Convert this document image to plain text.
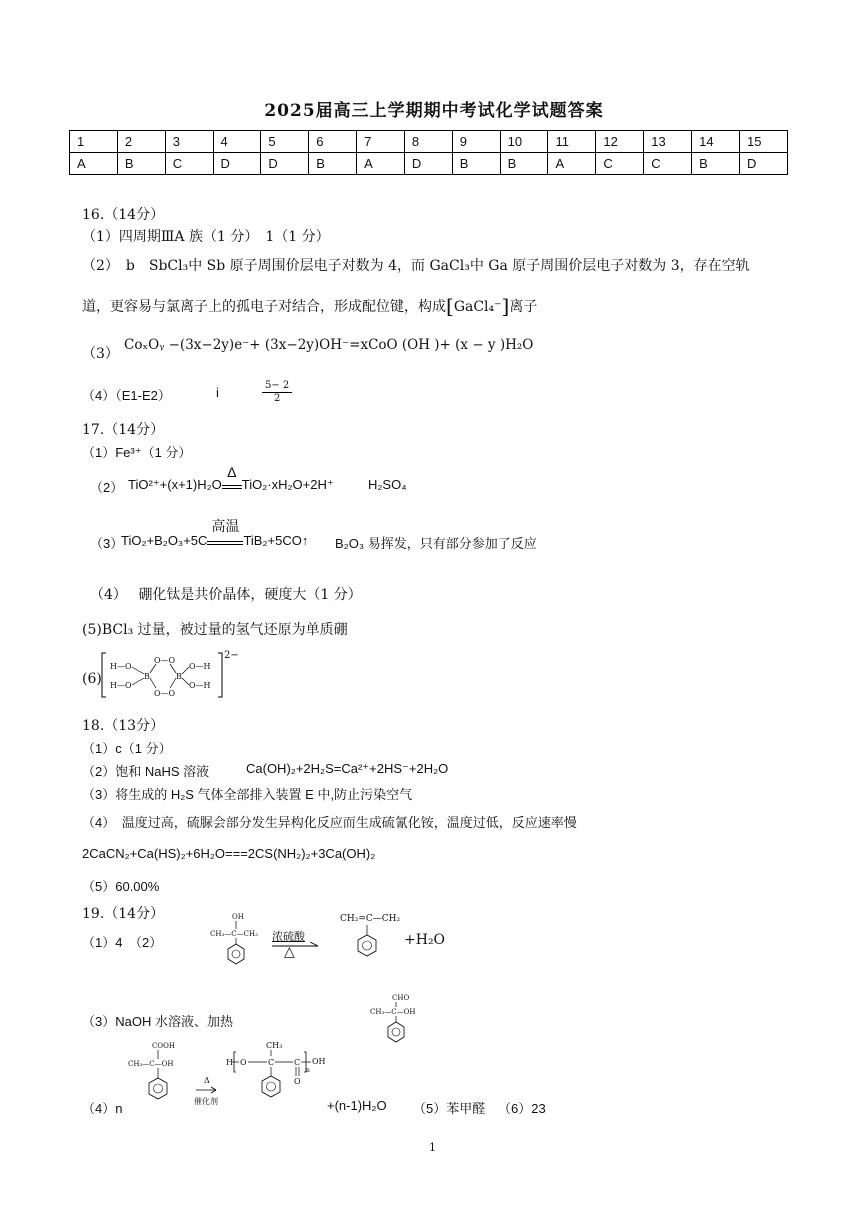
2025届高三上学期期中考试化学试题答案
1	2	3	4	5	6	7	8	9	10	11	12	13	14	15
A	B	C	D	D	B	A	D	B	B	A	C	C	B	D
16.（14分）
（1）四周期ⅢA 族（1 分）　1（1 分）
（2）　b　SbCl₃中 Sb 原子周围价层电子对数为 4，而 GaCl₃中 Ga 原子周围价层电子对数为 3，存在空轨
道，更容易与氯离子上的孤电子对结合，形成配位键，构成[GaCl₄⁻]离子
（3）
CoₓOᵧ −(3x−2y)e⁻+ (3x−2y)OH⁻=xCoO (OH )+ (x − y )H₂O
（4）（E1-E2）	i	$\frac{5- 2}{2}$
17.（14分）
（1）Fe³⁺（1 分）
（2） TiO²⁺+(x+1)H₂O
Δ
TiO₂·xH₂O+2H⁺	H₂SO₄
（3）
TiO₂+B₂O₃+5C
高温
TiB₂+5CO↑ B₂O₃ 易挥发，只有部分参加了反应
（4）　 硼化钛是共价晶体，硬度大（1 分）
(5)BCl₃ 过量，被过量的氢气还原为单质硼
(6)
H—O
H—O
B	B
O—H
O—H
O—O
O—O
2−
18.（13分）
（1）c（1 分）
（2）饱和 NaHS 溶液	Ca(OH)₂+2H₂S=Ca²⁺+2HS⁻+2H₂O
（3）将生成的 H₂S 气体全部排入装置 E 中,防止污染空气
（4）　温度过高，硫脲会部分发生异构化反应而生成硫氰化铵，温度过低，反应速率慢
2CaCN₂+Ca(HS)₂+6H₂O===2CS(NH₂)₂+3Ca(OH)₂
（5）60.00%
19.（14分）
（1）4　（2）
OH
CH₃—C—CH₃ 浓硫酸
△
CH₂=C—CH₂
+H₂O
CHO
CH₃—C—OH
（3）NaOH 水溶液、加热
（4）n
COOH
CH₃—C—OH
Δ
催化剂
CH₃
H O	C C OH
O
n
+(n-1)H₂O （5）苯甲醛 （6）23
1
